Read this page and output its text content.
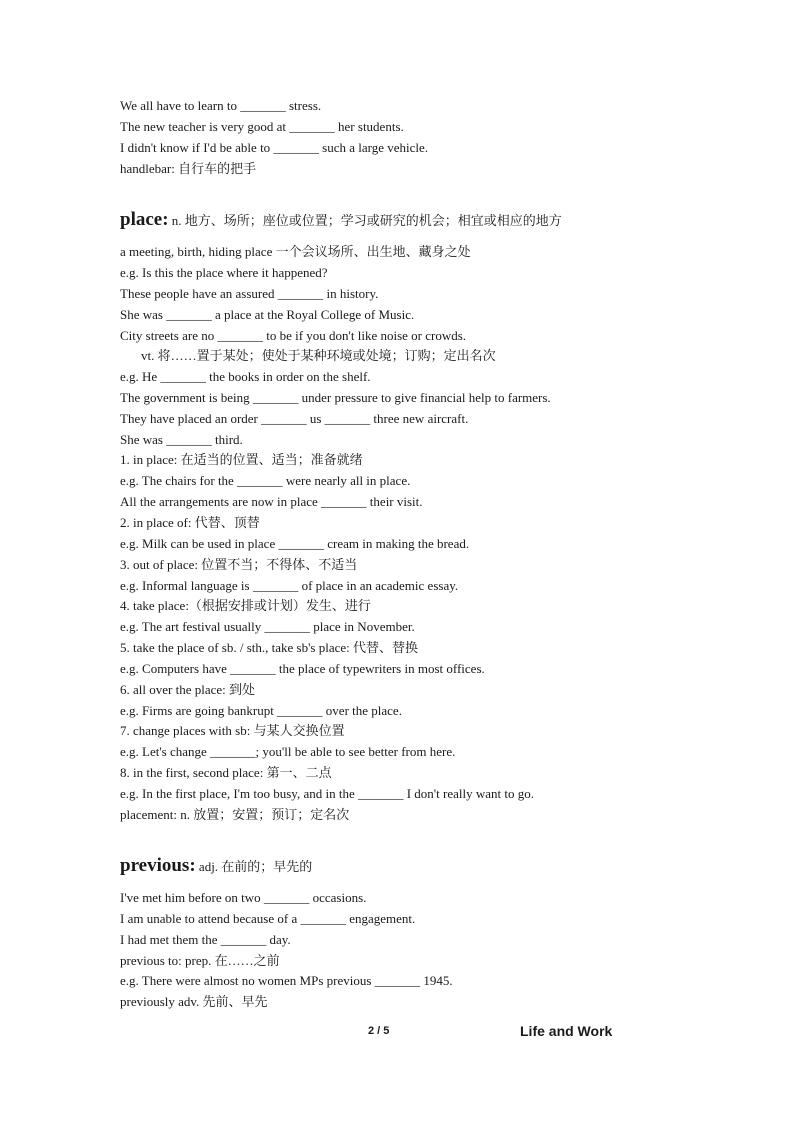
We all have to learn to _______ stress.
The new teacher is very good at _______ her students.
I didn't know if I'd be able to _______ such a large vehicle.
handlebar: 自行车的把手
place: n. 地方、场所；座位或位置；学习或研究的机会；相宜或相应的地方
a meeting, birth, hiding place 一个会议场所、出生地、藏身之处
e.g. Is this the place where it happened?
These people have an assured _______ in history.
She was _______ a place at the Royal College of Music.
City streets are no _______ to be if you don't like noise or crowds.
vt. 将……置于某处；使处于某种环境或处境；订购；定出名次
e.g. He _______ the books in order on the shelf.
The government is being _______ under pressure to give financial help to farmers.
They have placed an order _______ us _______ three new aircraft.
She was _______ third.
1. in place: 在适当的位置、适当；准备就绪
e.g. The chairs for the _______ were nearly all in place.
All the arrangements are now in place _______ their visit.
2. in place of: 代替、顶替
e.g. Milk can be used in place _______ cream in making the bread.
3. out of place: 位置不当；不得体、不适当
e.g. Informal language is _______ of place in an academic essay.
4. take place:（根据安排或计划）发生、进行
e.g. The art festival usually _______ place in November.
5. take the place of sb. / sth., take sb's place: 代替、替换
e.g. Computers have _______ the place of typewriters in most offices.
6. all over the place: 到处
e.g. Firms are going bankrupt _______ over the place.
7. change places with sb: 与某人交换位置
e.g. Let's change _______; you'll be able to see better from here.
8. in the first, second place: 第一、二点
e.g. In the first place, I'm too busy, and in the _______ I don't really want to go.
placement: n. 放置；安置；预订；定名次
previous: adj. 在前的；早先的
I've met him before on two _______ occasions.
I am unable to attend because of a _______ engagement.
I had met them the _______ day.
previous to: prep. 在……之前
e.g. There were almost no women MPs previous _______ 1945.
previously adv. 先前、早先
2 / 5	Life and Work
